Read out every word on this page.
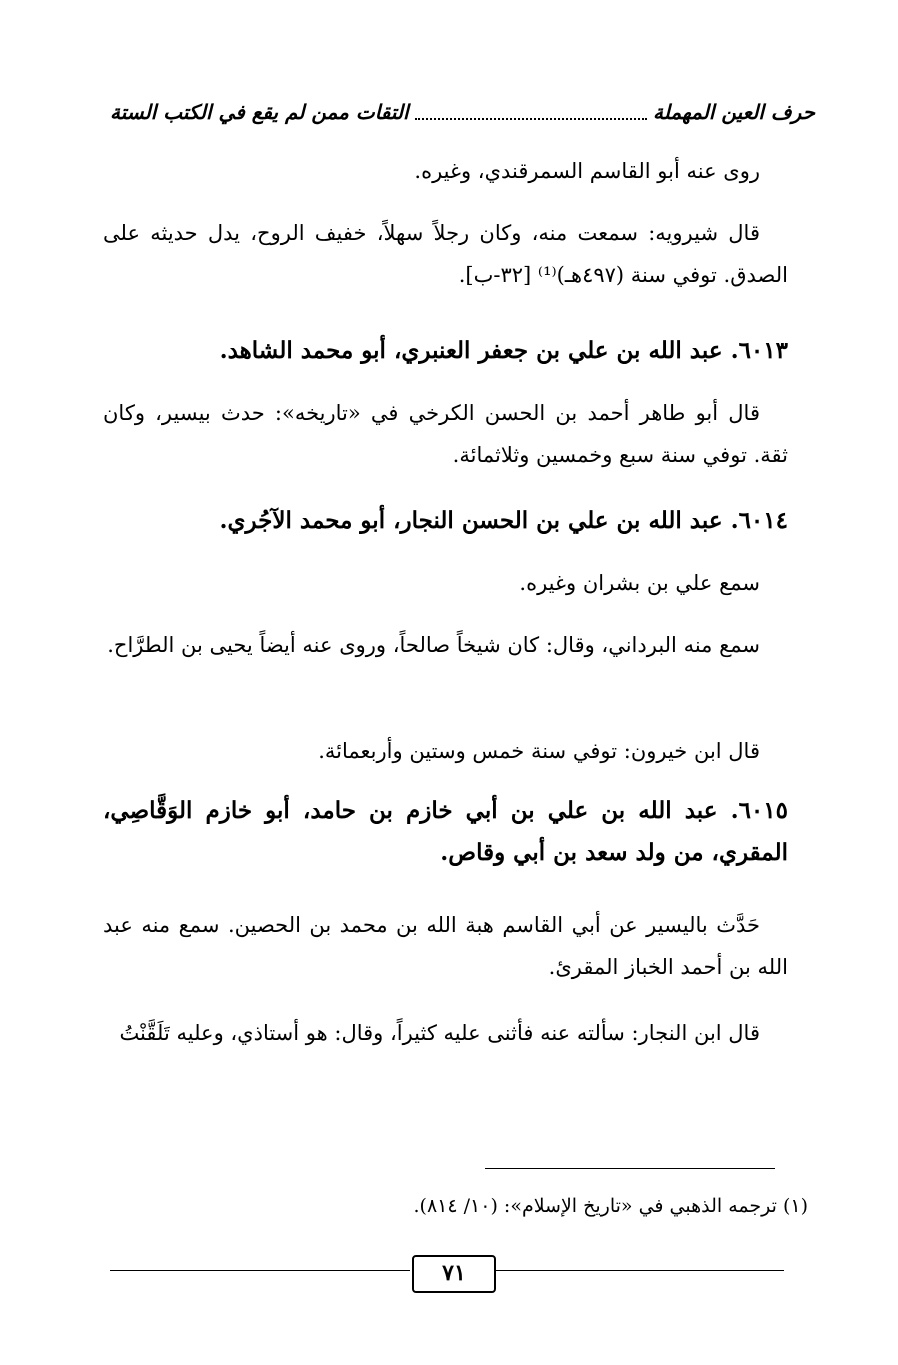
حرف العين المهملة
التقات ممن لم يقع في الكتب الستة

روى عنه أبو القاسم السمرقندي، وغيره.

قال شيرويه: سمعت منه، وكان رجلاً سهلاً، خفيف الروح، يدل حديثه على الصدق. توفي سنة (٤٩٧هـ)⁽¹⁾ [٣٢-ب].

٦٠١٣. عبد الله بن علي بن جعفر العنبري، أبو محمد الشاهد.

قال أبو طاهر أحمد بن الحسن الكرخي في «تاريخه»: حدث بيسير، وكان ثقة. توفي سنة سبع وخمسين وثلاثمائة.

٦٠١٤. عبد الله بن علي بن الحسن النجار، أبو محمد الآجُري.

سمع علي بن بشران وغيره.

سمع منه البرداني، وقال: كان شيخاً صالحاً، وروى عنه أيضاً يحيى بن الطرَّاح.

قال ابن خيرون: توفي سنة خمس وستين وأربعمائة.

٦٠١٥. عبد الله بن علي بن أبي خازم بن حامد، أبو خازم الوَقَّاصِي، المقري، من ولد سعد بن أبي وقاص.

حَدَّث باليسير عن أبي القاسم هبة الله بن محمد بن الحصين. سمع منه عبد الله بن أحمد الخباز المقرئ.

قال ابن النجار: سألته عنه فأثنى عليه كثيراً، وقال: هو أستاذي، وعليه تَلَقَّنْتُ

(١) ترجمه الذهبي في «تاريخ الإسلام»: (١٠/ ٨١٤).

٧١
